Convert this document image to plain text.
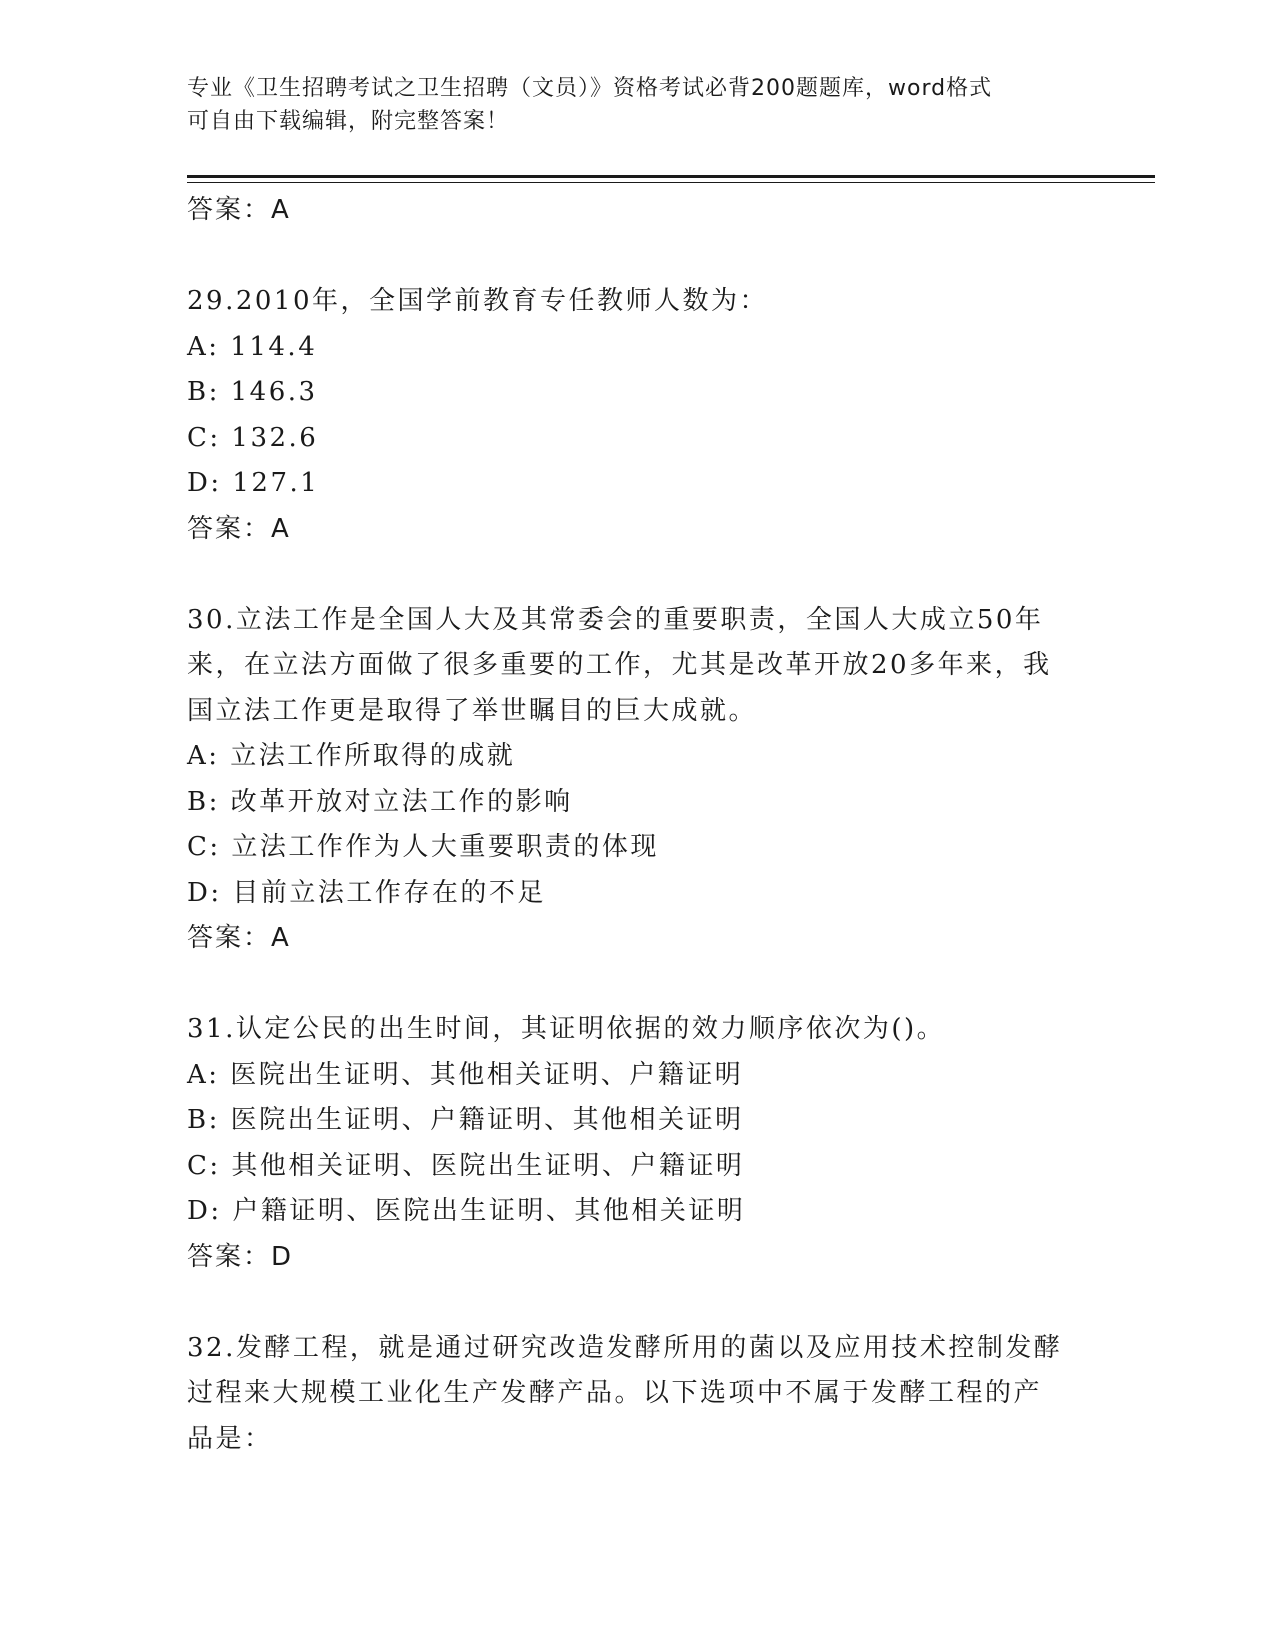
专业《卫生招聘考试之卫生招聘（文员）》资格考试必背200题题库，word格式
可自由下载编辑，附完整答案！
答案：A
29.2010年，全国学前教育专任教师人数为：
A: 114.4
B: 146.3
C: 132.6
D: 127.1
答案：A
30.立法工作是全国人大及其常委会的重要职责，全国人大成立50年
来，在立法方面做了很多重要的工作，尤其是改革开放20多年来，我
国立法工作更是取得了举世瞩目的巨大成就。
A: 立法工作所取得的成就
B: 改革开放对立法工作的影响
C: 立法工作作为人大重要职责的体现
D: 目前立法工作存在的不足
答案：A
31.认定公民的出生时间，其证明依据的效力顺序依次为()。
A: 医院出生证明、其他相关证明、户籍证明
B: 医院出生证明、户籍证明、其他相关证明
C: 其他相关证明、医院出生证明、户籍证明
D: 户籍证明、医院出生证明、其他相关证明
答案：D
32.发酵工程，就是通过研究改造发酵所用的菌以及应用技术控制发酵
过程来大规模工业化生产发酵产品。以下选项中不属于发酵工程的产
品是：
